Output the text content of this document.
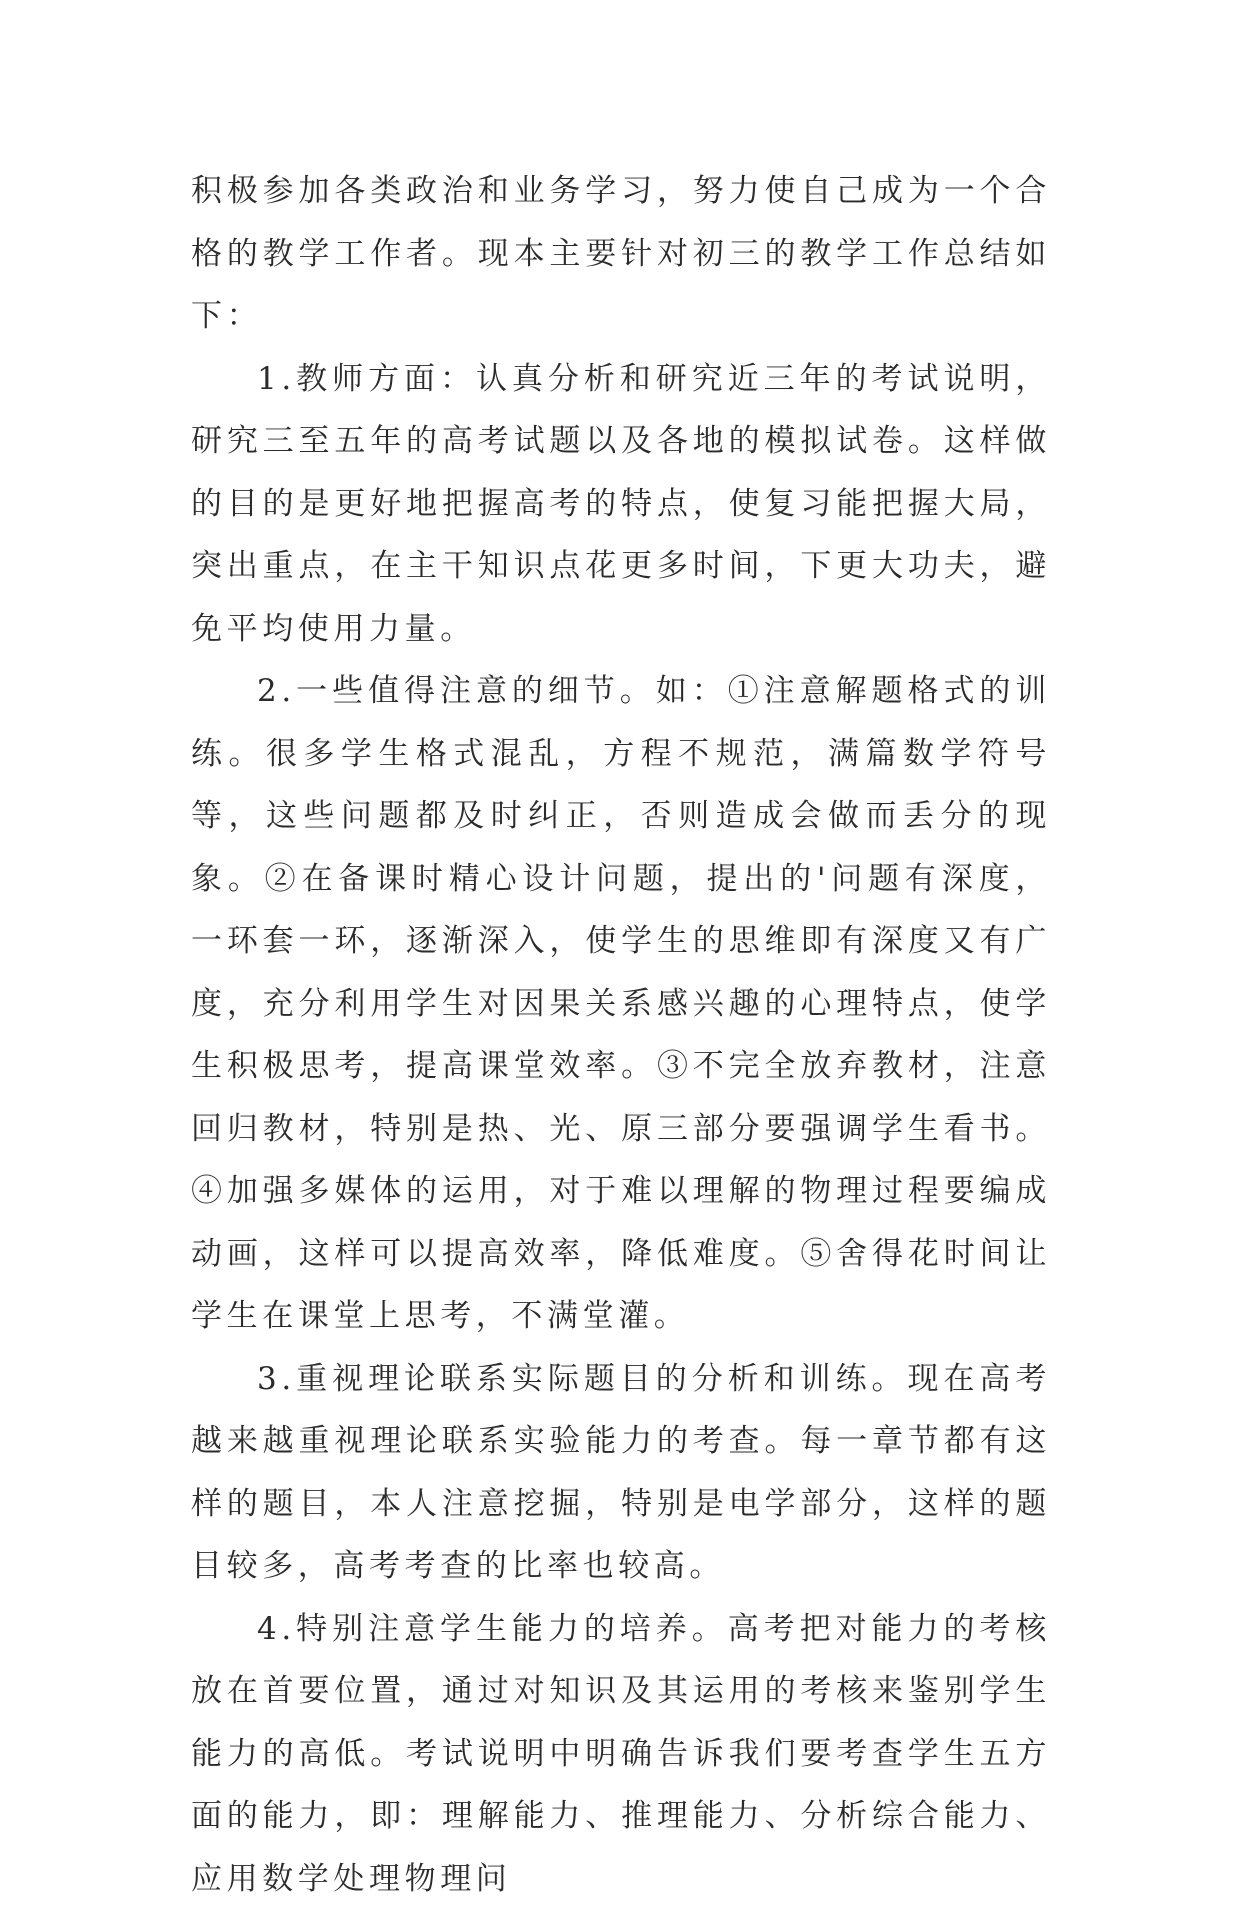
积极参加各类政治和业务学习，努力使自己成为一个合格的教学工作者。现本主要针对初三的教学工作总结如下：

1.教师方面：认真分析和研究近三年的考试说明，研究三至五年的高考试题以及各地的模拟试卷。这样做的目的是更好地把握高考的特点，使复习能把握大局，突出重点，在主干知识点花更多时间，下更大功夫，避免平均使用力量。

2.一些值得注意的细节。如：①注意解题格式的训练。很多学生格式混乱，方程不规范，满篇数学符号等，这些问题都及时纠正，否则造成会做而丢分的现象。②在备课时精心设计问题，提出的'问题有深度，一环套一环，逐渐深入，使学生的思维即有深度又有广度，充分利用学生对因果关系感兴趣的心理特点，使学生积极思考，提高课堂效率。③不完全放弃教材，注意回归教材，特别是热、光、原三部分要强调学生看书。④加强多媒体的运用，对于难以理解的物理过程要编成动画，这样可以提高效率，降低难度。⑤舍得花时间让学生在课堂上思考，不满堂灌。

3.重视理论联系实际题目的分析和训练。现在高考越来越重视理论联系实验能力的考查。每一章节都有这样的题目，本人注意挖掘，特别是电学部分，这样的题目较多，高考考查的比率也较高。

4.特别注意学生能力的培养。高考把对能力的考核放在首要位置，通过对知识及其运用的考核来鉴别学生能力的高低。考试说明中明确告诉我们要考查学生五方面的能力，即：理解能力、推理能力、分析综合能力、应用数学处理物理问
